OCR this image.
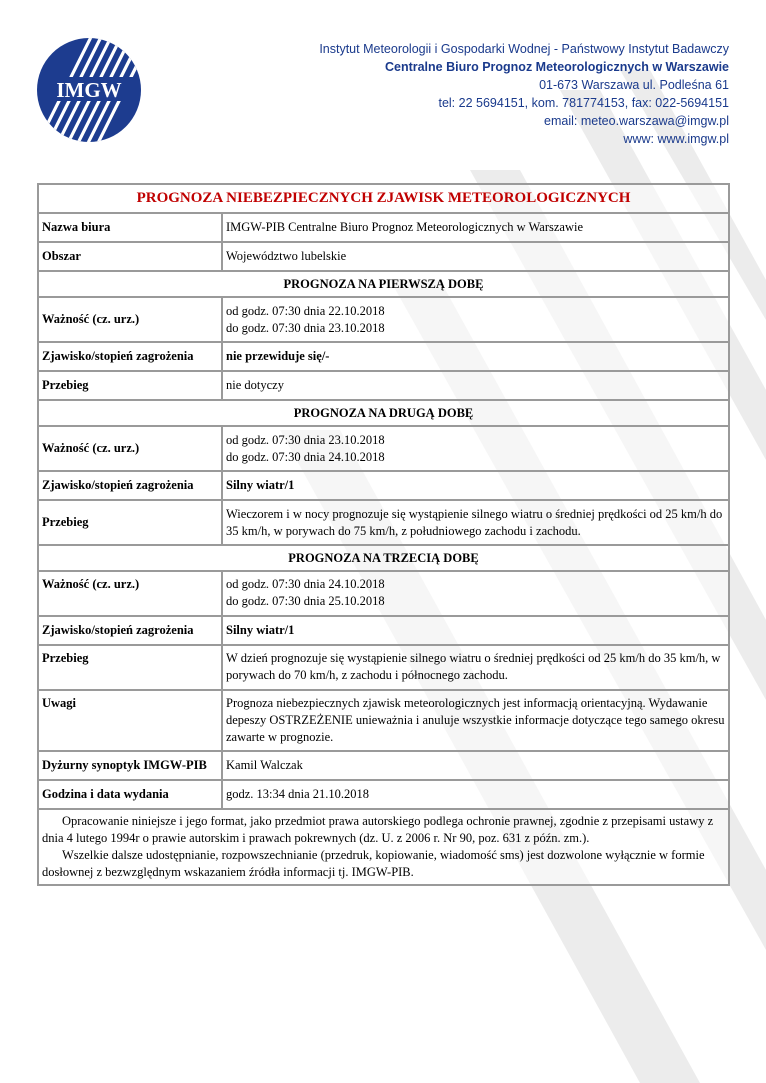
IMGW
Instytut Meteorologii i Gospodarki Wodnej - Państwowy Instytut Badawczy
Centralne Biuro Prognoz Meteorologicznych w Warszawie
01-673 Warszawa ul. Podleśna 61
tel: 22 5694151, kom. 781774153, fax: 022-5694151
email: meteo.warszawa@imgw.pl
www: www.imgw.pl
PROGNOZA NIEBEZPIECZNYCH ZJAWISK METEOROLOGICZNYCH	
Nazwa biura	IMGW-PIB Centralne Biuro Prognoz Meteorologicznych w Warszawie
Obszar	Województwo lubelskie
PROGNOZA NA PIERWSZĄ DOBĘ	
Ważność (cz. urz.)	od godz. 07:30 dnia 22.10.2018
do godz. 07:30 dnia 23.10.2018

Zjawisko/stopień zagrożenia	nie przewiduje się/-
Przebieg	nie dotyczy
PROGNOZA NA DRUGĄ DOBĘ	
Ważność (cz. urz.)	od godz. 07:30 dnia 23.10.2018
do godz. 07:30 dnia 24.10.2018

Zjawisko/stopień zagrożenia	Silny wiatr/1
Przebieg	Wieczorem i w nocy prognozuje się wystąpienie silnego wiatru o średniej prędkości od 25 km/h do 35 km/h, w porywach do 75 km/h, z południowego zachodu i zachodu.
PROGNOZA NA TRZECIĄ DOBĘ	
Ważność (cz. urz.)	od godz. 07:30 dnia 24.10.2018
do godz. 07:30 dnia 25.10.2018

Zjawisko/stopień zagrożenia	Silny wiatr/1
Przebieg	W dzień prognozuje się wystąpienie silnego wiatru o średniej prędkości od 25 km/h do 35 km/h, w porywach do 70 km/h, z zachodu i północnego zachodu.
Uwagi	Prognoza niebezpiecznych zjawisk meteorologicznych jest informacją orientacyjną. Wydawanie depeszy OSTRZEŻENIE unieważnia i anuluje wszystkie informacje dotyczące tego samego okresu zawarte w prognozie.
Dyżurny synoptyk IMGW-PIB	Kamil Walczak
Godzina i data wydania	godz. 13:34 dnia 21.10.2018

Opracowanie niniejsze i jego format, jako przedmiot prawa autorskiego podlega ochronie prawnej, zgodnie z przepisami ustawy z dnia 4 lutego 1994r o prawie autorskim i prawach pokrewnych (dz. U. z 2006 r. Nr 90, poz. 631 z późn. zm.).

Wszelkie dalsze udostępnianie, rozpowszechnianie (przedruk, kopiowanie, wiadomość sms) jest dozwolone wyłącznie w formie dosłownej z bezwzględnym wskazaniem źródła informacji tj. IMGW-PIB.	
